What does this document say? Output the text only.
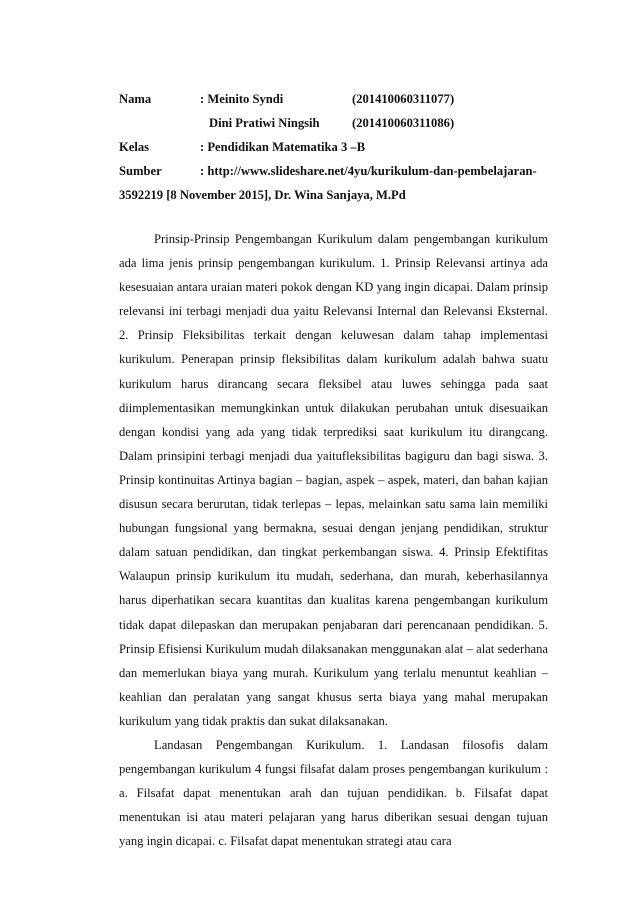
Nama	: Meinito Syndi	(201410060311077)
Dini Pratiwi Ningsih	(201410060311086)
Kelas	: Pendidikan Matematika 3 –B
Sumber	: http://www.slideshare.net/4yu/kurikulum-dan-pembelajaran-
3592219 [8 November 2015], Dr. Wina Sanjaya, M.Pd

Prinsip-Prinsip Pengembangan Kurikulum dalam pengembangan kurikulum ada lima jenis prinsip pengembangan kurikulum. 1. Prinsip Relevansi artinya ada kesesuaian antara uraian materi pokok dengan KD yang ingin dicapai. Dalam prinsip relevansi ini terbagi menjadi dua yaitu Relevansi Internal dan Relevansi Eksternal. 2. Prinsip Fleksibilitas terkait dengan keluwesan dalam tahap implementasi kurikulum. Penerapan prinsip fleksibilitas dalam kurikulum adalah bahwa suatu kurikulum harus dirancang secara fleksibel atau luwes sehingga pada saat diimplementasikan memungkinkan untuk dilakukan perubahan untuk disesuaikan dengan kondisi yang ada yang tidak terprediksi saat kurikulum itu dirangcang. Dalam prinsipini terbagi menjadi dua yaitufleksibilitas bagiguru dan bagi siswa. 3. Prinsip kontinuitas Artinya bagian – bagian, aspek – aspek, materi, dan bahan kajian disusun secara berurutan, tidak terlepas – lepas, melainkan satu sama lain memiliki hubungan fungsional yang bermakna, sesuai dengan jenjang pendidikan, struktur dalam satuan pendidikan, dan tingkat perkembangan siswa. 4. Prinsip Efektifitas Walaupun prinsip kurikulum itu mudah, sederhana, dan murah, keberhasilannya harus diperhatikan secara kuantitas dan kualitas karena pengembangan kurikulum tidak dapat dilepaskan dan merupakan penjabaran dari perencanaan pendidikan. 5. Prinsip Efisiensi Kurikulum mudah dilaksanakan menggunakan alat – alat sederhana dan memerlukan biaya yang murah. Kurikulum yang terlalu menuntut keahlian – keahlian dan peralatan yang sangat khusus serta biaya yang mahal merupakan kurikulum yang tidak praktis dan sukat dilaksanakan.

Landasan Pengembangan Kurikulum. 1. Landasan filosofis dalam pengembangan kurikulum 4 fungsi filsafat dalam proses pengembangan kurikulum : a. Filsafat dapat menentukan arah dan tujuan pendidikan. b. Filsafat dapat menentukan isi atau materi pelajaran yang harus diberikan sesuai dengan tujuan yang ingin dicapai. c. Filsafat dapat menentukan strategi atau cara
